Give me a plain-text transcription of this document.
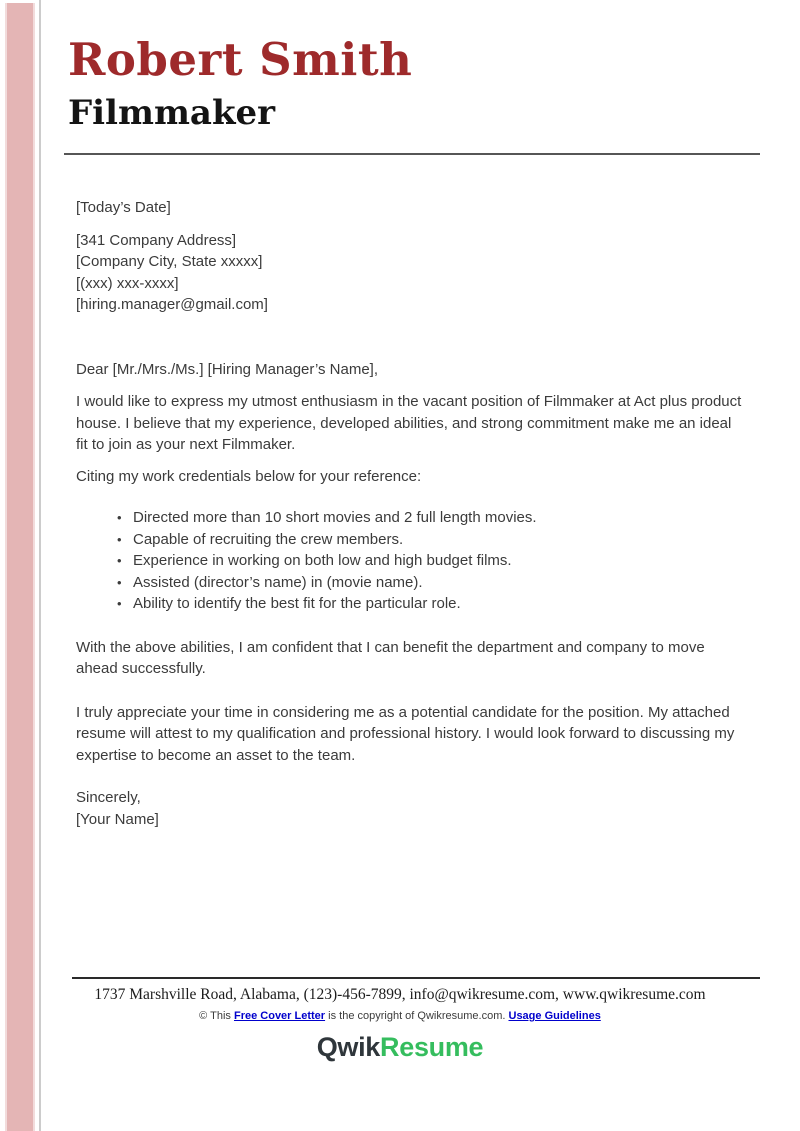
Robert Smith
Filmmaker

[Today’s Date]

[341 Company Address]

[Company City, State xxxxx]

[(xxx) xxx-xxxx]

[hiring.manager@gmail.com]

Dear [Mr./Mrs./Ms.] [Hiring Manager’s Name],

I would like to express my utmost enthusiasm in the vacant position of Filmmaker at Act plus product house. I believe that my experience, developed abilities, and strong commitment make me an ideal fit to join as your next Filmmaker.

Citing my work credentials below for your reference:

• Directed more than 10 short movies and 2 full length movies.
• Capable of recruiting the crew members.
• Experience in working on both low and high budget films.
• Assisted (director’s name) in (movie name).
• Ability to identify the best fit for the particular role.

With the above abilities, I am confident that I can benefit the department and company to move ahead successfully.

I truly appreciate your time in considering me as a potential candidate for the position. My attached resume will attest to my qualification and professional history. I would look forward to discussing my expertise to become an asset to the team.

Sincerely,

[Your Name]

1737 Marshville Road, Alabama, (123)-456-7899, info@qwikresume.com, www.qwikresume.com

© This Free Cover Letter is the copyright of Qwikresume.com. Usage Guidelines

QwikResume
